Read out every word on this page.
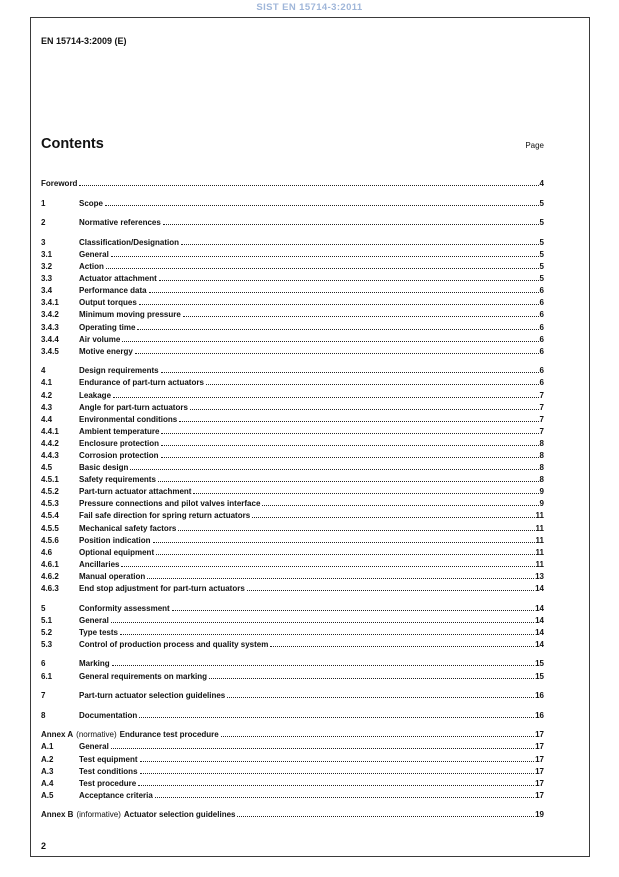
SIST EN 15714-3:2011
EN 15714-3:2009 (E)
Contents	Page
Foreword	4
1	Scope	5
2	Normative references	5
3	Classification/Designation	5
3.1	General	5
3.2	Action	5
3.3	Actuator attachment	5
3.4	Performance data	6
3.4.1	Output torques	6
3.4.2	Minimum moving pressure	6
3.4.3	Operating time	6
3.4.4	Air volume	6
3.4.5	Motive energy	6
4	Design requirements	6
4.1	Endurance of part-turn actuators	6
4.2	Leakage	7
4.3	Angle for part-turn actuators	7
4.4	Environmental conditions	7
4.4.1	Ambient temperature	7
4.4.2	Enclosure protection	8
4.4.3	Corrosion protection	8
4.5	Basic design	8
4.5.1	Safety requirements	8
4.5.2	Part-turn actuator attachment	9
4.5.3	Pressure connections and pilot valves interface	9
4.5.4	Fail safe direction for spring return actuators	11
4.5.5	Mechanical safety factors	11
4.5.6	Position indication	11
4.6	Optional equipment	11
4.6.1	Ancillaries	11
4.6.2	Manual operation	13
4.6.3	End stop adjustment for part-turn actuators	14
5	Conformity assessment	14
5.1	General	14
5.2	Type tests	14
5.3	Control of production process and quality system	14
6	Marking	15
6.1	General requirements on marking	15
7	Part-turn actuator selection guidelines	16
8	Documentation	16
Annex A (normative) Endurance test procedure	17
A.1	General	17
A.2	Test equipment	17
A.3	Test conditions	17
A.4	Test procedure	17
A.5	Acceptance criteria	17
Annex B (informative) Actuator selection guidelines	19
2
